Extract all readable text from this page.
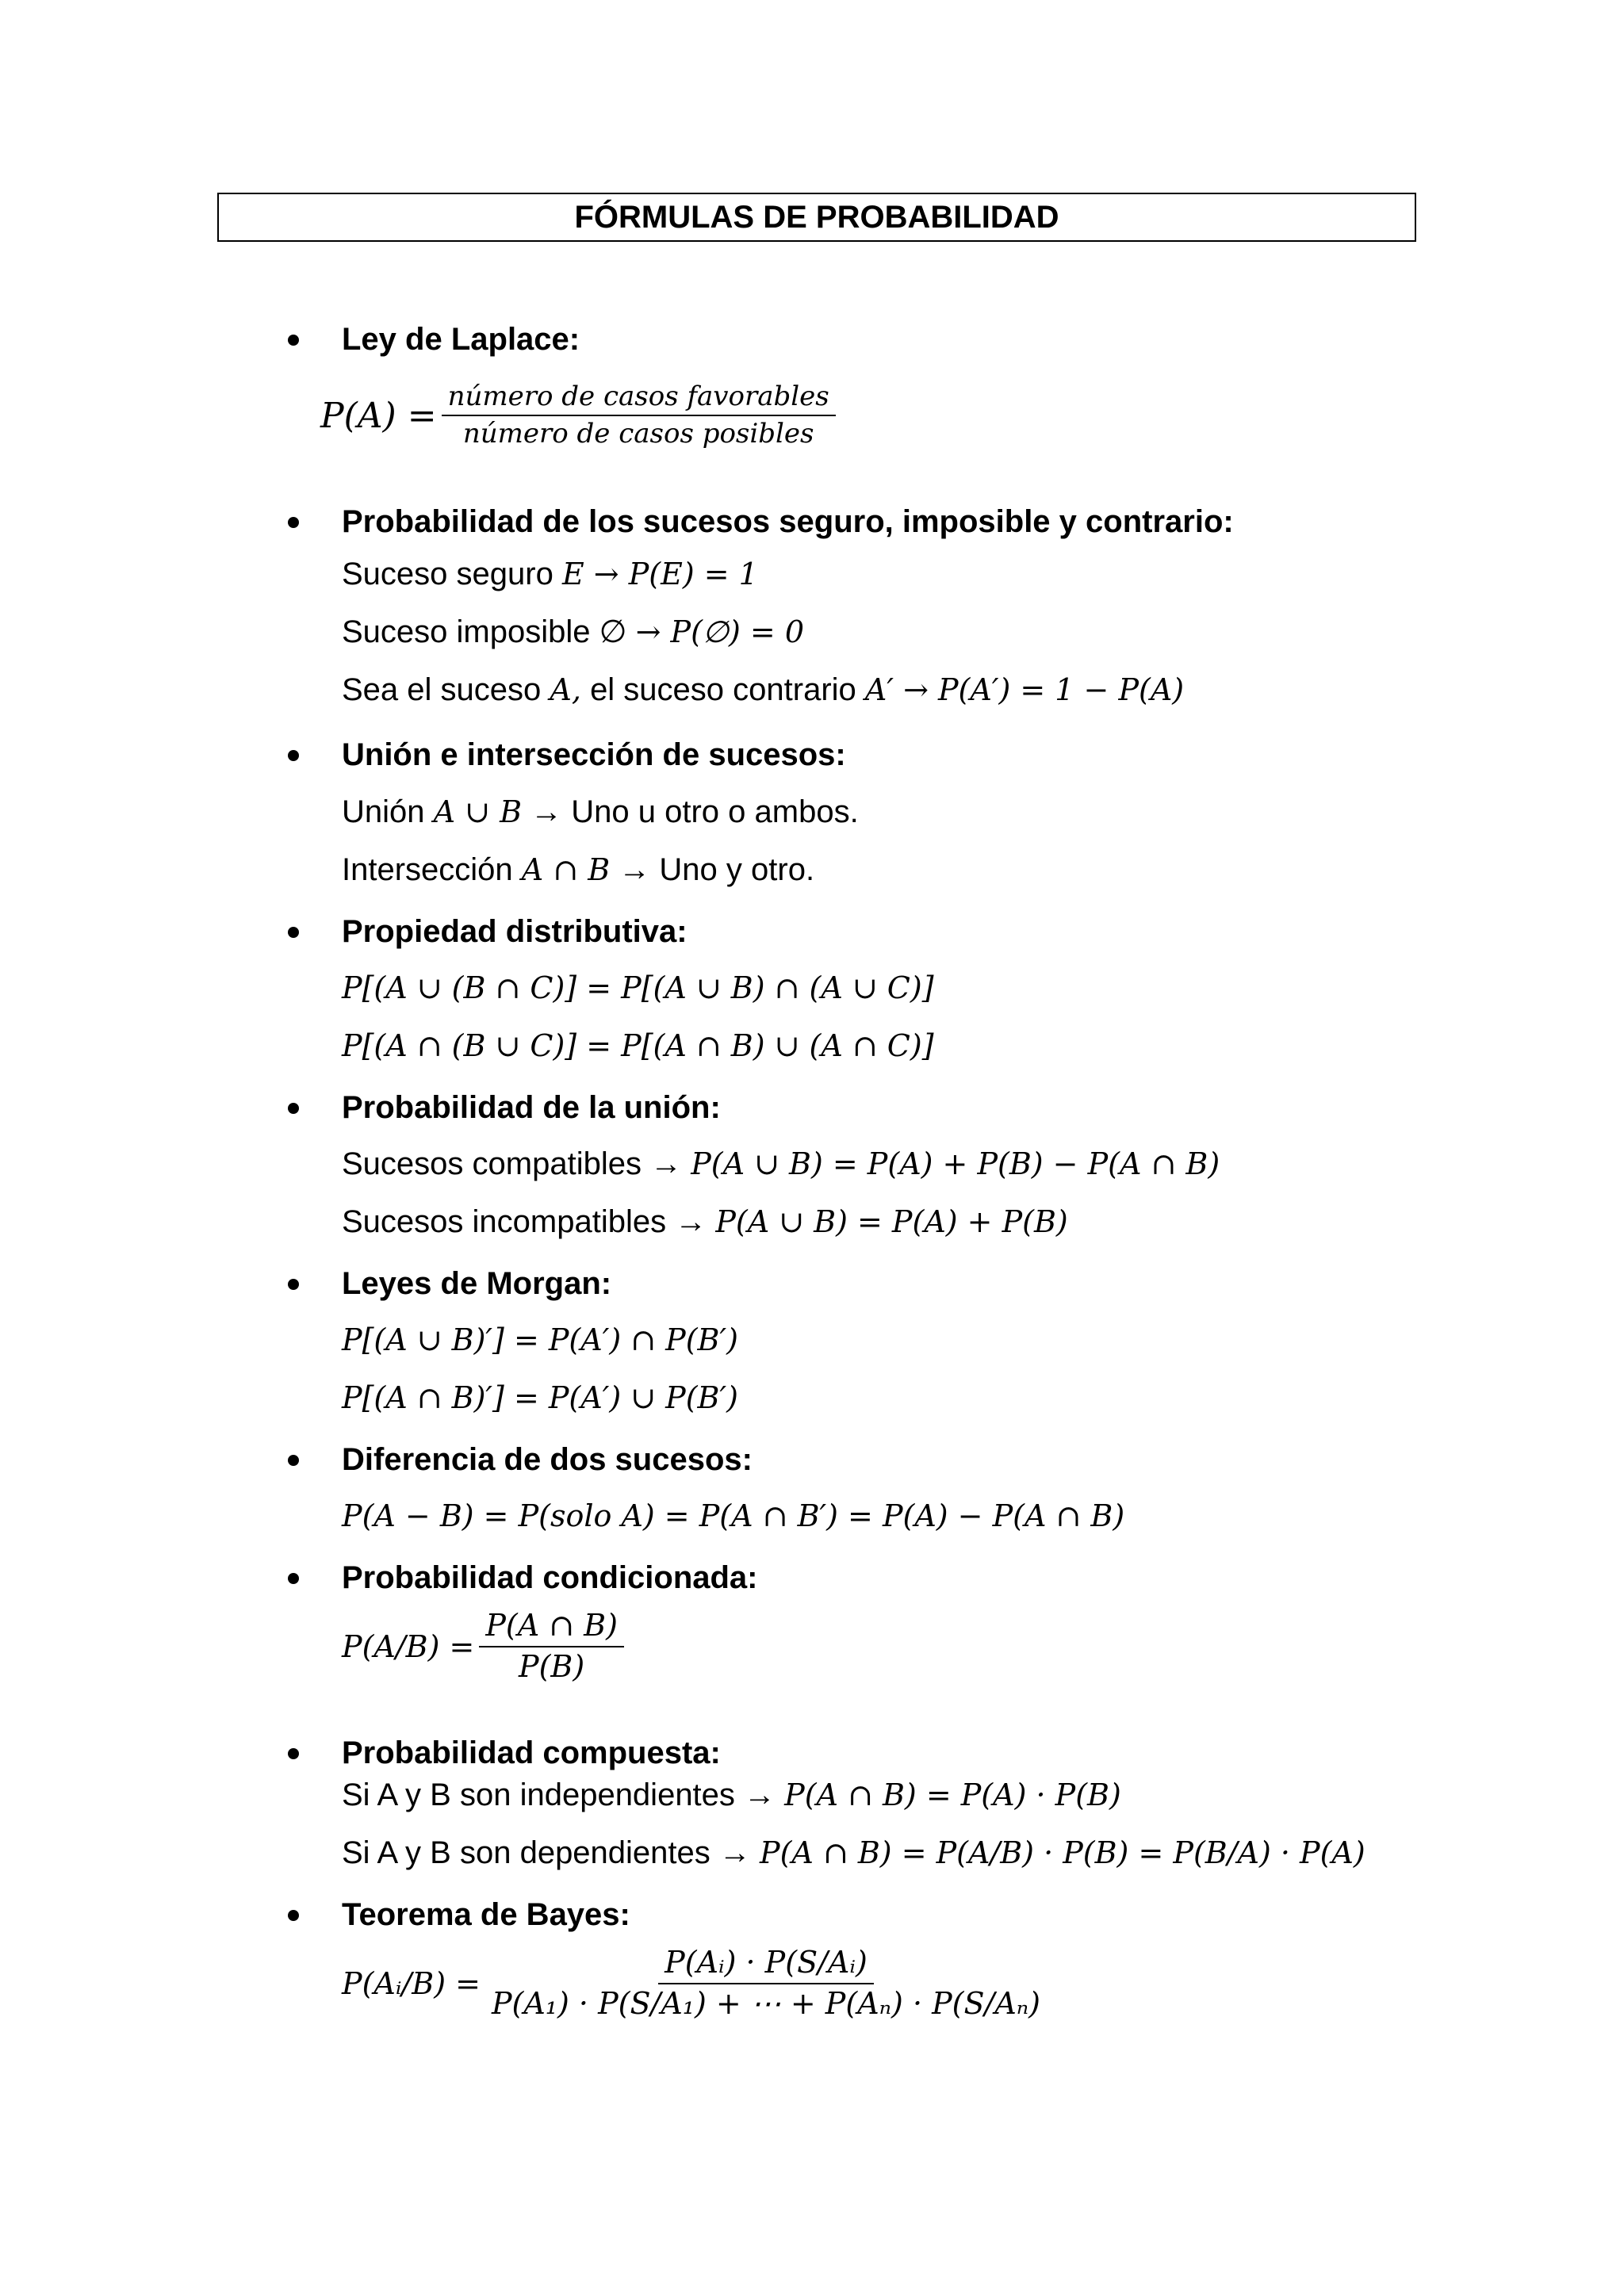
FÓRMULAS DE PROBABILIDAD
Ley de Laplace:
$P(A) = \frac{\text{número de casos favorables}}{\text{número de casos posibles}}$
Probabilidad de los sucesos seguro, imposible y contrario:
Suceso seguro E → P(E) = 1
Suceso imposible ∅ → P(∅) = 0
Sea el suceso A, el suceso contrario A′ → P(A′) = 1 − P(A)
Unión e intersección de sucesos:
Unión A ∪ B → Uno u otro o ambos.
Intersección A ∩ B → Uno y otro.
Propiedad distributiva:
P[(A ∪ (B ∩ C)] = P[(A ∪ B) ∩ (A ∪ C)]
P[(A ∩ (B ∪ C)] = P[(A ∩ B) ∪ (A ∩ C)]
Probabilidad de la unión:
Sucesos compatibles → P(A ∪ B) = P(A) + P(B) − P(A ∩ B)
Sucesos incompatibles → P(A ∪ B) = P(A) + P(B)
Leyes de Morgan:
P[(A ∪ B)′] = P(A′) ∩ P(B′)
P[(A ∩ B)′] = P(A′) ∪ P(B′)
Diferencia de dos sucesos:
P(A − B) = P(solo A) = P(A ∩ B′) = P(A) − P(A ∩ B)
Probabilidad condicionada:
$P(A/B) = \frac{P(A \cap B)}{P(B)}$
Probabilidad compuesta:
Si A y B son independientes → P(A ∩ B) = P(A) · P(B)
Si A y B son dependientes → P(A ∩ B) = P(A/B) · P(B) = P(B/A) · P(A)
Teorema de Bayes:
P(Aᵢ/B) = $\frac{\text{P(Aᵢ) · P(S/Aᵢ)}}{\text{P(A₁) · P(S/A₁) + ⋯ + P(Aₙ) · P(S/Aₙ)}}$
